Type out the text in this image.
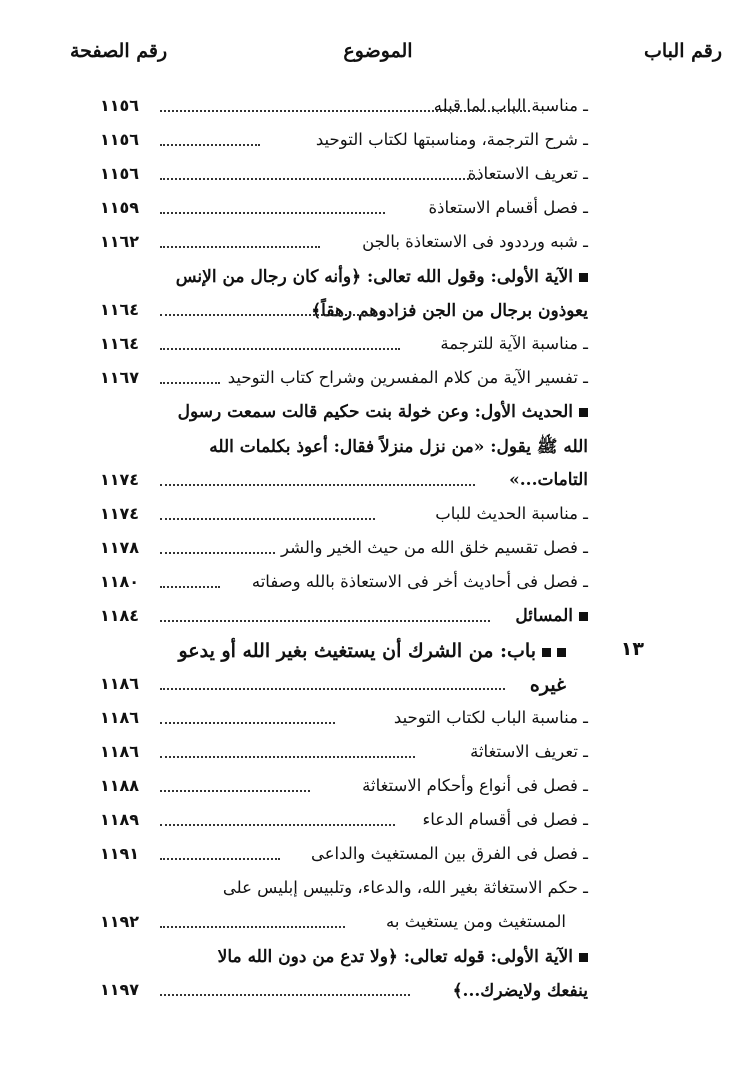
رقم الباب
الموضوع
رقم الصفحة
ـ مناسبة الباب لما قبله
١١٥٦
ـ شرح الترجمة، ومناسبتها لكتاب التوحيد
١١٥٦
ـ تعريف الاستعاذة
١١٥٦
ـ فصل أقسام الاستعاذة
١١٥٩
ـ شبه ورددود فى الاستعاذة بالجن
١١٦٢
الآية الأولى: وقول الله تعالى: ﴿وأنه كان رجال من الإنس
يعوذون برجال من الجن فزادوهم رهقاً﴾
١١٦٤
ـ مناسبة الآية للترجمة
١١٦٤
ـ تفسير الآية من كلام المفسرين وشراح كتاب التوحيد
١١٦٧
الحديث الأول: وعن خولة بنت حكيم قالت سمعت رسول
الله ﷺ يقول: «من نزل منزلاً فقال: أعوذ بكلمات الله
التامات...»
١١٧٤
ـ مناسبة الحديث للباب
١١٧٤
ـ فصل تقسيم خلق الله من حيث الخير والشر
١١٧٨
ـ فصل فى أحاديث أخر فى الاستعاذة بالله وصفاته
١١٨٠
المسائل
١١٨٤
١٣
باب: من الشرك أن يستغيث بغير الله أو يدعو
غيره
١١٨٦
ـ مناسبة الباب لكتاب التوحيد
١١٨٦
ـ تعريف الاستغاثة
١١٨٦
ـ فصل فى أنواع وأحكام الاستغاثة
١١٨٨
ـ فصل فى أقسام الدعاء
١١٨٩
ـ فصل فى الفرق بين المستغيث والداعى
١١٩١
ـ حكم الاستغاثة بغير الله، والدعاء، وتلبيس إبليس على
المستغيث ومن يستغيث به
١١٩٢
الآية الأولى: قوله تعالى: ﴿ولا تدع من دون الله مالا
ينفعك ولايضرك...﴾
١١٩٧
